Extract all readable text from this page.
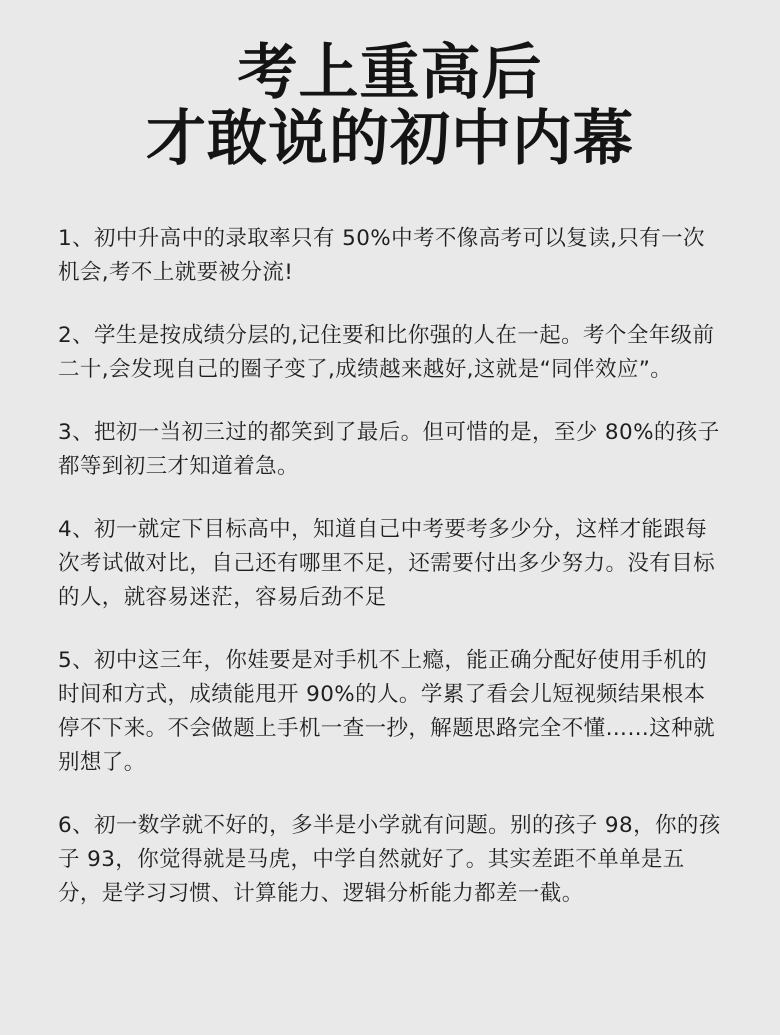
考上重高后
才敢说的初中内幕

1、初中升高中的录取率只有 50%中考不像高考可以复读,只有一次机会,考不上就要被分流!

2、学生是按成绩分层的,记住要和比你强的人在一起。考个全年级前二十,会发现自己的圈子变了,成绩越来越好,这就是“同伴效应”。

3、把初一当初三过的都笑到了最后。但可惜的是，至少 80%的孩子都等到初三才知道着急。

4、初一就定下目标高中，知道自己中考要考多少分，这样才能跟每次考试做对比，自己还有哪里不足，还需要付出多少努力。没有目标的人，就容易迷茫，容易后劲不足

5、初中这三年，你娃要是对手机不上瘾，能正确分配好使用手机的时间和方式，成绩能甩开 90%的人。学累了看会儿短视频结果根本停不下来。不会做题上手机一查一抄，解题思路完全不懂……这种就别想了。

6、初一数学就不好的，多半是小学就有问题。别的孩子 98，你的孩子 93，你觉得就是马虎，中学自然就好了。其实差距不单单是五分，是学习习惯、计算能力、逻辑分析能力都差一截。
